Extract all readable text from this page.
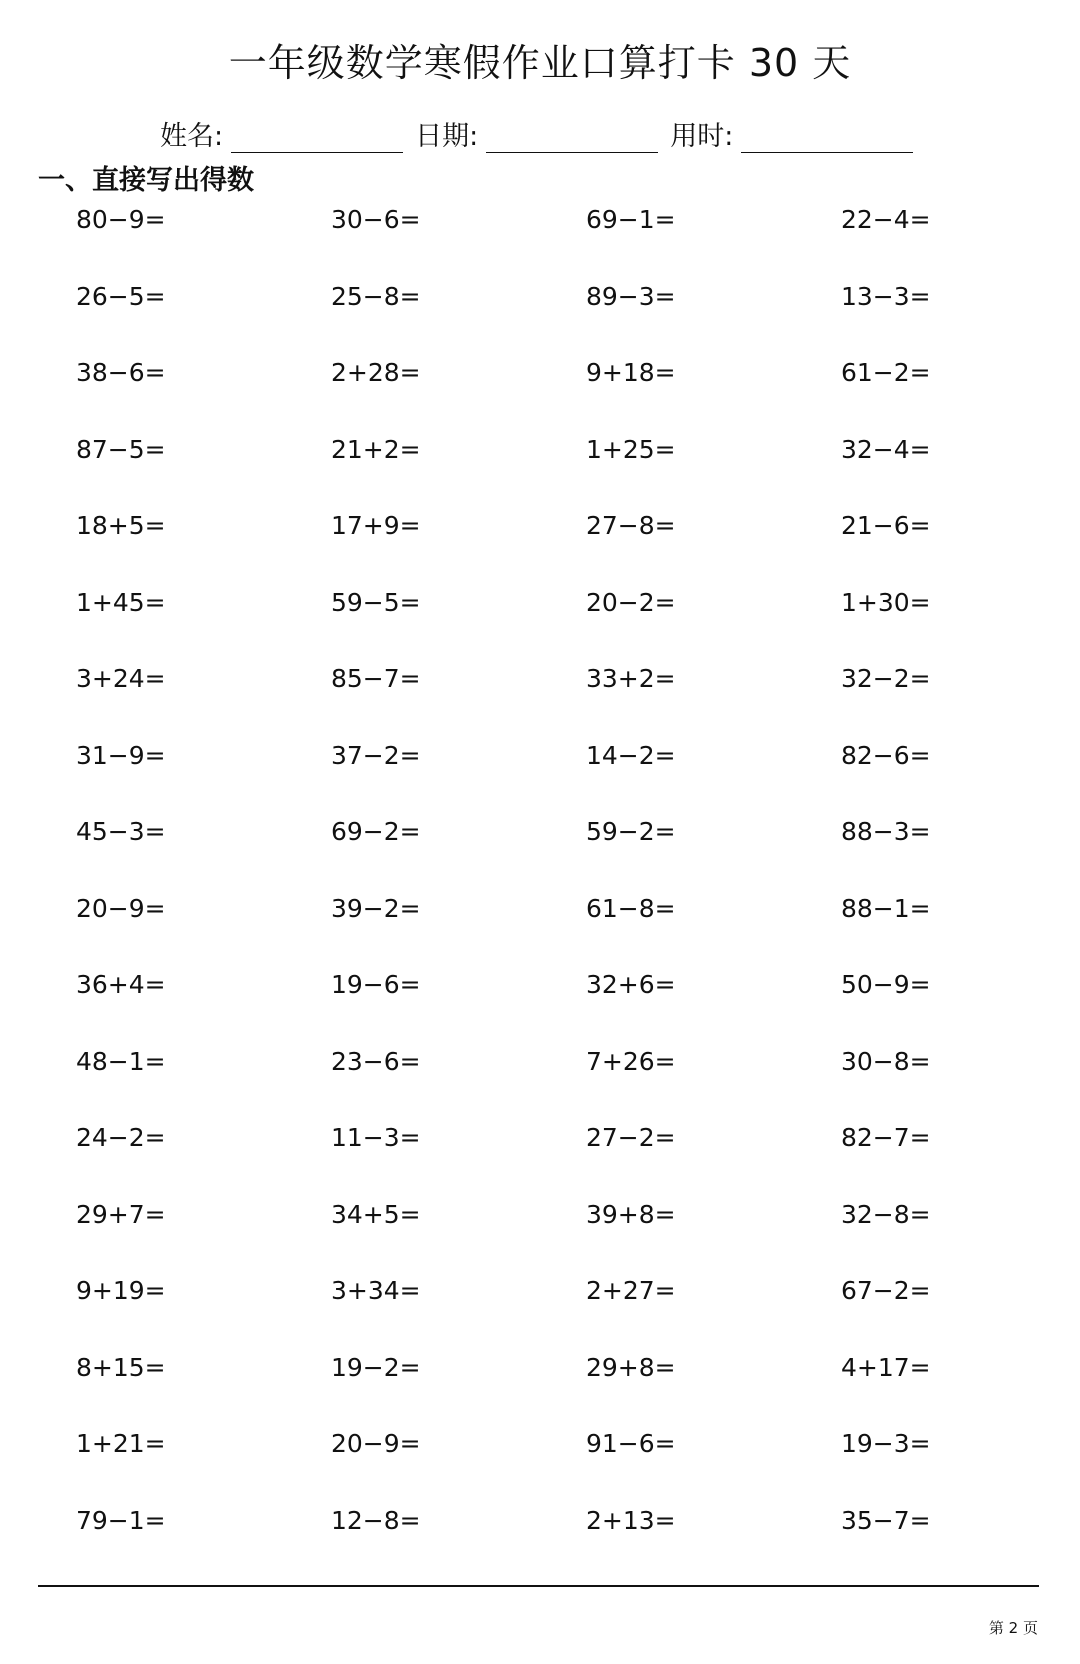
一年级数学寒假作业口算打卡 30 天
姓名:	日期:	用时:
一、直接写出得数
80−9=	30−6=	69−1=	22−4=
26−5=	25−8=	89−3=	13−3=
38−6=	2+28=	9+18=	61−2=
87−5=	21+2=	1+25=	32−4=
18+5=	17+9=	27−8=	21−6=
1+45=	59−5=	20−2=	1+30=
3+24=	85−7=	33+2=	32−2=
31−9=	37−2=	14−2=	82−6=
45−3=	69−2=	59−2=	88−3=
20−9=	39−2=	61−8=	88−1=
36+4=	19−6=	32+6=	50−9=
48−1=	23−6=	7+26=	30−8=
24−2=	11−3=	27−2=	82−7=
29+7=	34+5=	39+8=	32−8=
9+19=	3+34=	2+27=	67−2=
8+15=	19−2=	29+8=	4+17=
1+21=	20−9=	91−6=	19−3=
79−1=	12−8=	2+13=	35−7=
第 2 页
